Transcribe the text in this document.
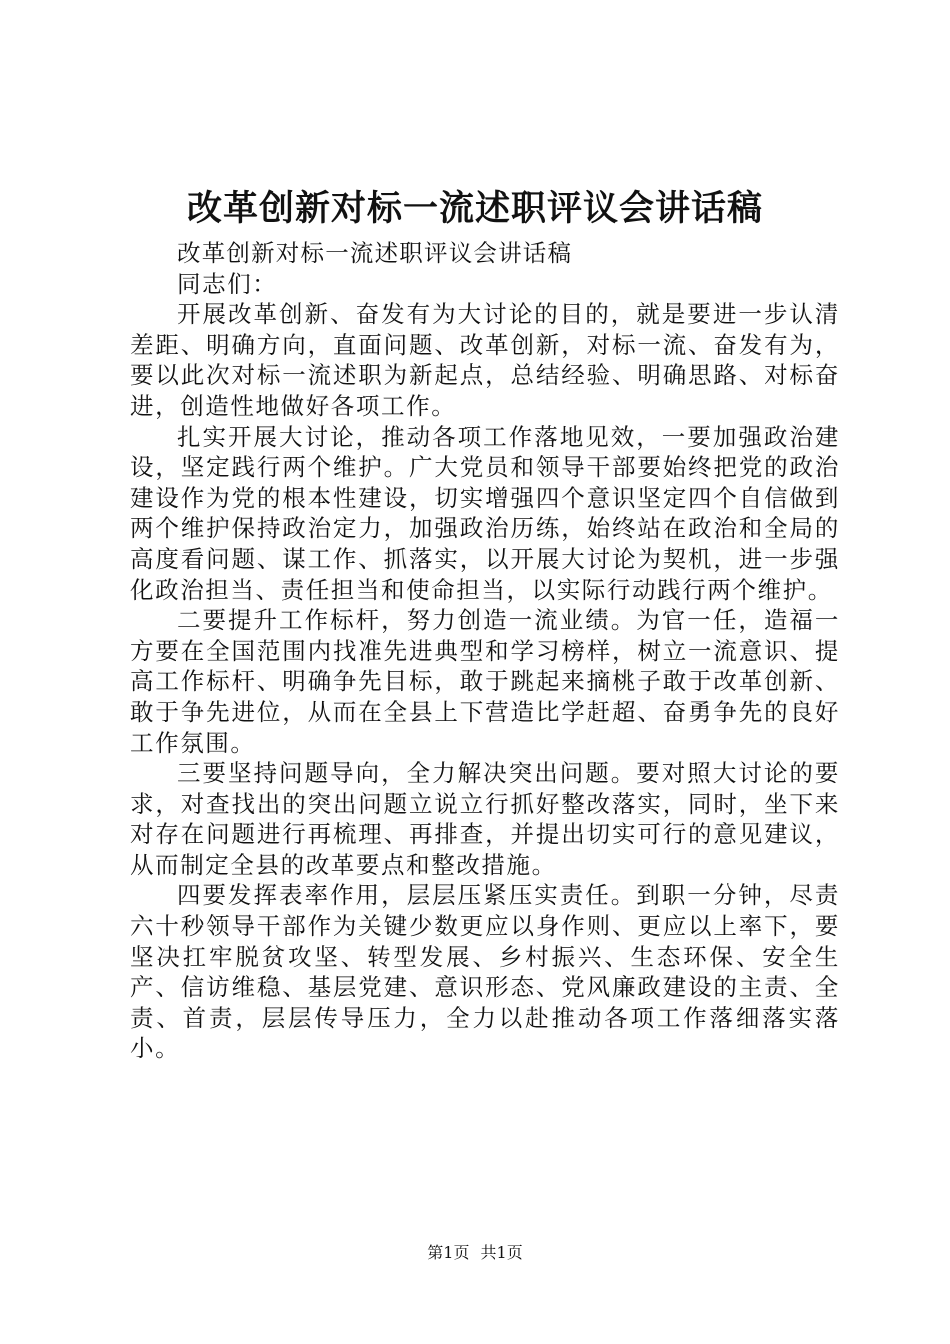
改革创新对标一流述职评议会讲话稿

改革创新对标一流述职评议会讲话稿

同志们：

开展改革创新、奋发有为大讨论的目的，就是要进一步认清差距、明确方向，直面问题、改革创新，对标一流、奋发有为，要以此次对标一流述职为新起点，总结经验、明确思路、对标奋进，创造性地做好各项工作。

扎实开展大讨论，推动各项工作落地见效，一要加强政治建设，坚定践行两个维护。广大党员和领导干部要始终把党的政治建设作为党的根本性建设，切实增强四个意识坚定四个自信做到两个维护保持政治定力，加强政治历练，始终站在政治和全局的高度看问题、谋工作、抓落实，以开展大讨论为契机，进一步强化政治担当、责任担当和使命担当，以实际行动践行两个维护。

二要提升工作标杆，努力创造一流业绩。为官一任，造福一方要在全国范围内找准先进典型和学习榜样，树立一流意识、提高工作标杆、明确争先目标，敢于跳起来摘桃子敢于改革创新、敢于争先进位，从而在全县上下营造比学赶超、奋勇争先的良好工作氛围。

三要坚持问题导向，全力解决突出问题。要对照大讨论的要求，对查找出的突出问题立说立行抓好整改落实，同时，坐下来对存在问题进行再梳理、再排查，并提出切实可行的意见建议，从而制定全县的改革要点和整改措施。

四要发挥表率作用，层层压紧压实责任。到职一分钟，尽责六十秒领导干部作为关键少数更应以身作则、更应以上率下，要坚决扛牢脱贫攻坚、转型发展、乡村振兴、生态环保、安全生产、信访维稳、基层党建、意识形态、党风廉政建设的主责、全责、首责，层层传导压力，全力以赴推动各项工作落细落实落小。

第1页 共1页
